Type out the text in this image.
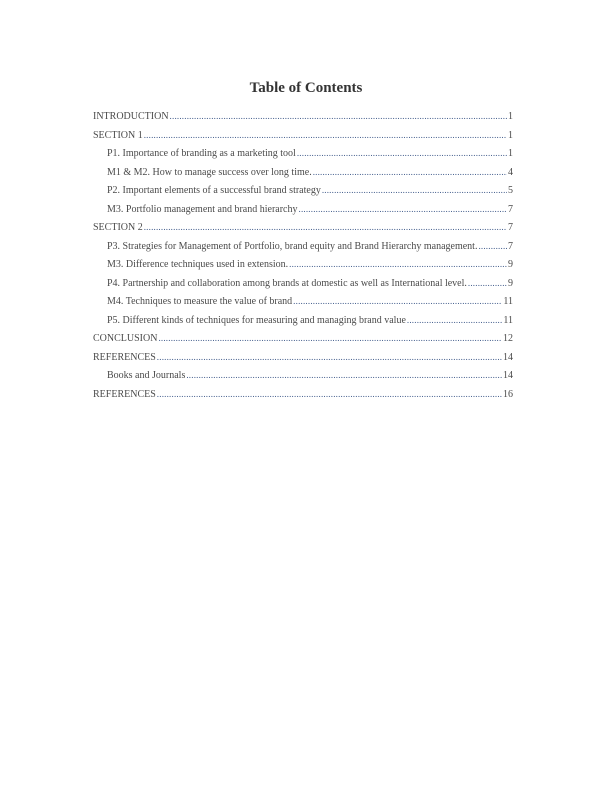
Table of Contents
INTRODUCTION .....	1
SECTION 1 .....	1
P1. Importance of branding as a marketing tool .....	1
M1 & M2. How to manage success over long time. .....	4
P2. Important elements of a successful brand strategy .....	5
M3. Portfolio management and brand hierarchy .....	7
SECTION 2 .....	7
P3. Strategies for Management of Portfolio, brand equity and Brand Hierarchy management. .....	7
M3. Difference techniques used in extension. .....	9
P4. Partnership and collaboration among brands at domestic as well as International level. .....	9
M4. Techniques to measure the value of brand .....	11
P5. Different kinds of techniques for measuring and managing brand value .....	11
CONCLUSION .....	12
REFERENCES .....	14
Books and Journals .....	14
REFERENCES .....	16
